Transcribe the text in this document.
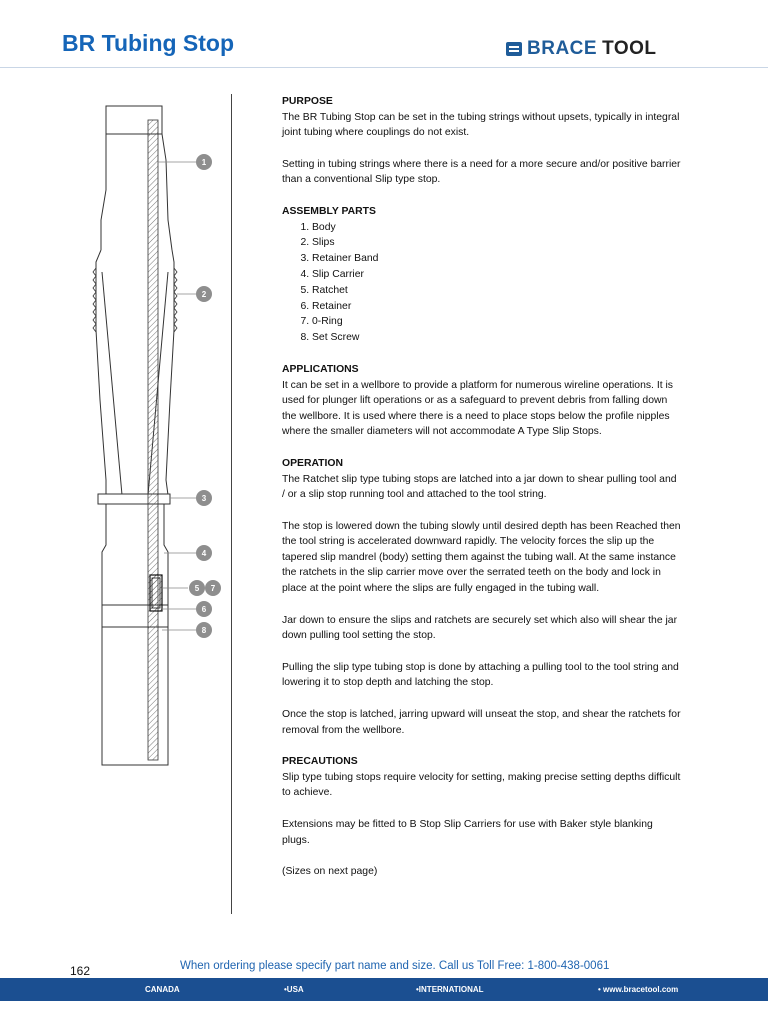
BR Tubing Stop	BRACE TOOL
1
2
3
4
5 7
6
8
PURPOSE

The BR Tubing Stop can be set in the tubing strings without upsets, typically in integral joint tubing where couplings do not exist.

Setting in tubing strings where there is a need for a more secure and/or positive barrier than a conventional Slip type stop.

ASSEMBLY PARTS
1. Body
2. Slips
3. Retainer Band
4. Slip Carrier
5. Ratchet
6. Retainer
7. 0-Ring
8. Set Screw
APPLICATIONS

It can be set in a wellbore to provide a platform for numerous wireline operations. It is used for plunger lift operations or as a safeguard to prevent debris from falling down the wellbore. It is used where there is a need to place stops below the profile nipples where the smaller diameters will not accommodate A Type Slip Stops.

OPERATION

The Ratchet slip type tubing stops are latched into a jar down to shear pulling tool and / or a slip stop running tool and attached to the tool string.

The stop is lowered down the tubing slowly until desired depth has been Reached then the tool string is accelerated downward rapidly. The velocity forces the slip up the tapered slip mandrel (body) setting them against the tubing wall. At the same instance the ratchets in the slip carrier move over the serrated teeth on the body and lock in place at the point where the slips are fully engaged in the tubing wall.

Jar down to ensure the slips and ratchets are securely set which also will shear the jar down pulling tool setting the stop.

Pulling the slip type tubing stop is done by attaching a pulling tool to the tool string and lowering it to stop depth and latching the stop.

Once the stop is latched, jarring upward will unseat the stop, and shear the ratchets for removal from the wellbore.

PRECAUTIONS

Slip type tubing stops require velocity for setting, making precise setting depths difficult to achieve.

Extensions may be fitted to B Stop Slip Carriers for use with Baker style blanking plugs.

(Sizes on next page)

162	When ordering please specify part name and size. Call us Toll Free: 1-800-438-0061
CANADA	•USA	•INTERNATIONAL	• www.bracetool.com
